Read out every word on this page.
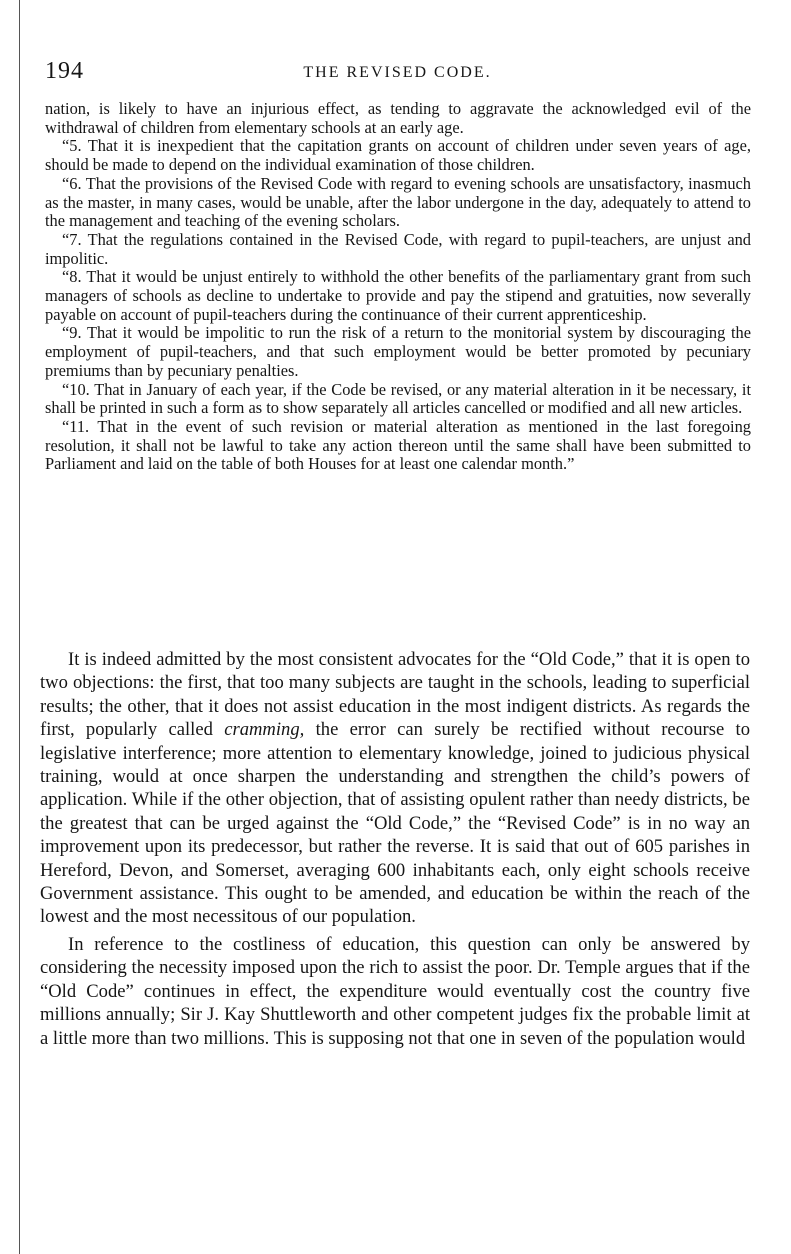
194	THE REVISED CODE.

nation, is likely to have an injurious effect, as tending to aggravate the acknowledged evil of the withdrawal of children from elementary schools at an early age.

“5. That it is inexpedient that the capitation grants on account of children under seven years of age, should be made to depend on the individual examination of those children.

“6. That the provisions of the Revised Code with regard to evening schools are unsatisfactory, inasmuch as the master, in many cases, would be unable, after the labor undergone in the day, adequately to attend to the management and teaching of the evening scholars.

“7. That the regulations contained in the Revised Code, with regard to pupil-teachers, are unjust and impolitic.

“8. That it would be unjust entirely to withhold the other benefits of the parliamentary grant from such managers of schools as decline to undertake to provide and pay the stipend and gratuities, now severally payable on account of pupil-teachers during the continuance of their current apprenticeship.

“9. That it would be impolitic to run the risk of a return to the monitorial system by discouraging the employment of pupil-teachers, and that such employment would be better promoted by pecuniary premiums than by pecuniary penalties.

“10. That in January of each year, if the Code be revised, or any material alteration in it be necessary, it shall be printed in such a form as to show separately all articles cancelled or modified and all new articles.

“11. That in the event of such revision or material alteration as mentioned in the last foregoing resolution, it shall not be lawful to take any action thereon until the same shall have been submitted to Parliament and laid on the table of both Houses for at least one calendar month.”

It is indeed admitted by the most consistent advocates for the “Old Code,” that it is open to two objections: the first, that too many subjects are taught in the schools, leading to superficial results; the other, that it does not assist education in the most indigent districts. As regards the first, popularly called cramming, the error can surely be rectified without recourse to legislative interference; more attention to elementary knowledge, joined to judicious physical training, would at once sharpen the understanding and strengthen the child’s powers of application. While if the other objection, that of assisting opulent rather than needy districts, be the greatest that can be urged against the “Old Code,” the “Revised Code” is in no way an improvement upon its predecessor, but rather the reverse. It is said that out of 605 parishes in Hereford, Devon, and Somerset, averaging 600 inhabitants each, only eight schools receive Government assistance. This ought to be amended, and education be within the reach of the lowest and the most necessitous of our population.

In reference to the costliness of education, this question can only be answered by considering the necessity imposed upon the rich to assist the poor. Dr. Temple argues that if the “Old Code” continues in effect, the expenditure would eventually cost the country five millions annually; Sir J. Kay Shuttleworth and other competent judges fix the probable limit at a little more than two millions. This is supposing not that one in seven of the population would
